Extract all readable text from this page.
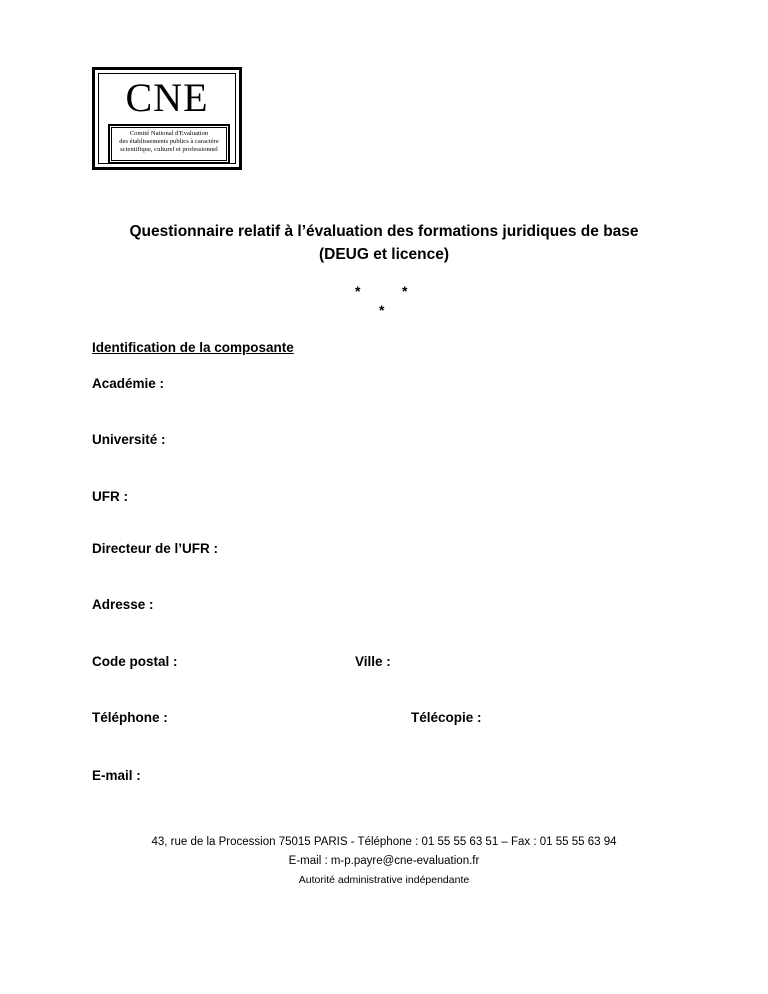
CNE
Comité National d'Evaluation
des établissements publics à caractère
scientifique, culturel et professionnel
Questionnaire relatif à l’évaluation des formations juridiques de base
(DEUG et licence)
*	*
*
Identification de la composante
Académie :
Université :
UFR :
Directeur de l’UFR :
Adresse :
Code postal :	Ville :
Téléphone :	Télécopie :
E-mail :
43, rue de la Procession 75015 PARIS - Téléphone : 01 55 55 63 51 – Fax : 01 55 55 63 94
E-mail : m-p.payre@cne-evaluation.fr
Autorité administrative indépendante
